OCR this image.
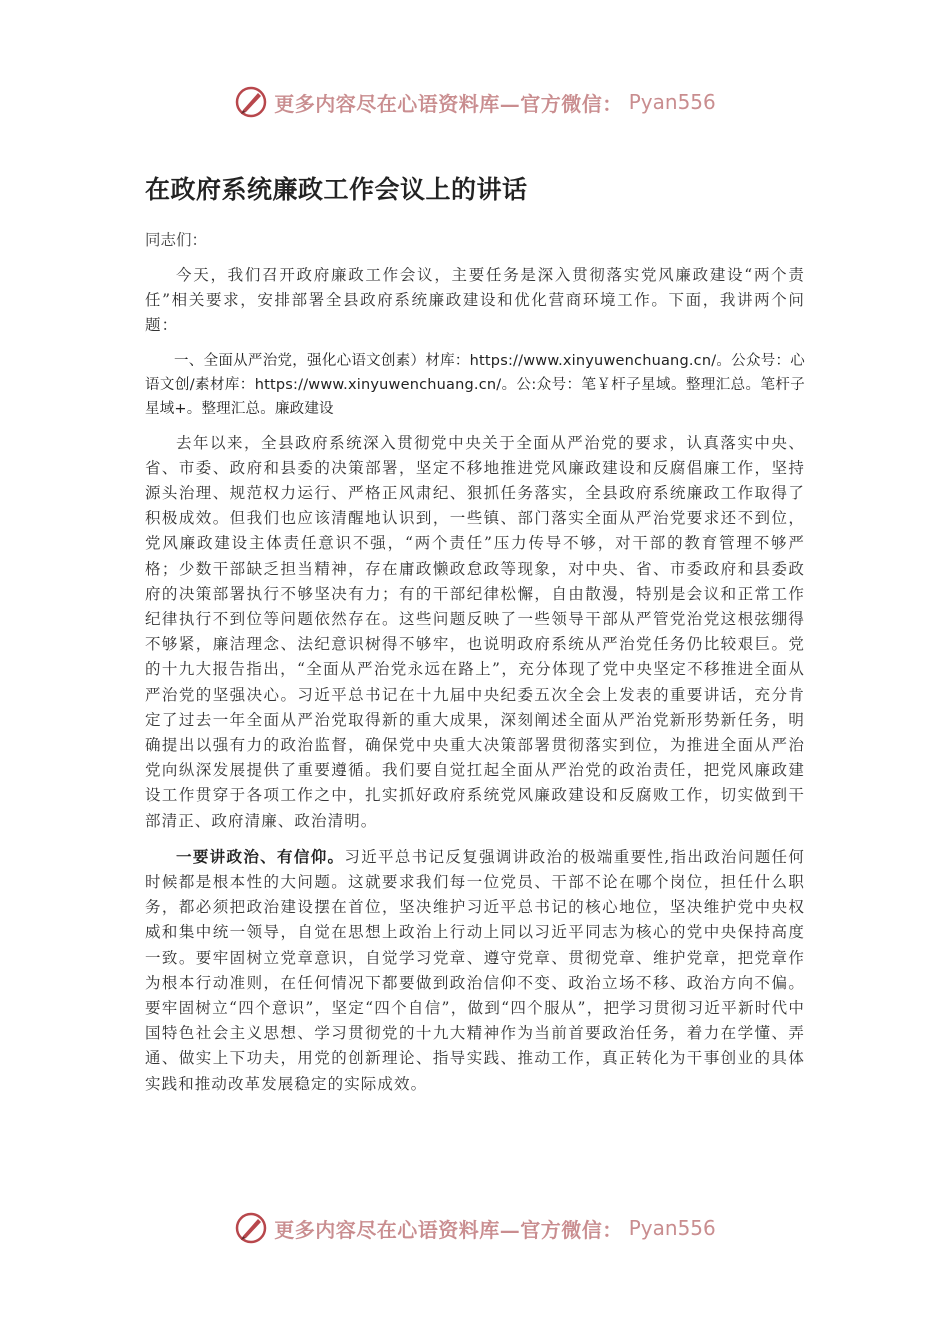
更多内容尽在心语资料库—官方微信： Pyan556
在政府系统廉政工作会议上的讲话

同志们：

今天，我们召开政府廉政工作会议，主要任务是深入贯彻落实党风廉政建设“两个责任”相关要求，安排部署全县政府系统廉政建设和优化营商环境工作。下面，我讲两个问题：

一、全面从严治党，强化心语文创素）材库：https://www.xinyuwenchuang.cn/。公众号：心语文创/素材库：https://www.xinyuwenchuang.cn/。公:众号：笔￥杆子星域。整理汇总。笔杆子星域+。整理汇总。廉政建设

去年以来，全县政府系统深入贯彻党中央关于全面从严治党的要求，认真落实中央、省、市委、政府和县委的决策部署，坚定不移地推进党风廉政建设和反腐倡廉工作，坚持源头治理、规范权力运行、严格正风肃纪、狠抓任务落实，全县政府系统廉政工作取得了积极成效。但我们也应该清醒地认识到，一些镇、部门落实全面从严治党要求还不到位，党风廉政建设主体责任意识不强，“两个责任”压力传导不够，对干部的教育管理不够严格；少数干部缺乏担当精神，存在庸政懒政怠政等现象，对中央、省、市委政府和县委政府的决策部署执行不够坚决有力；有的干部纪律松懈，自由散漫，特别是会议和正常工作纪律执行不到位等问题依然存在。这些问题反映了一些领导干部从严管党治党这根弦绷得不够紧，廉洁理念、法纪意识树得不够牢，也说明政府系统从严治党任务仍比较艰巨。党的十九大报告指出，“全面从严治党永远在路上”，充分体现了党中央坚定不移推进全面从严治党的坚强决心。习近平总书记在十九届中央纪委五次全会上发表的重要讲话，充分肯定了过去一年全面从严治党取得新的重大成果，深刻阐述全面从严治党新形势新任务，明确提出以强有力的政治监督，确保党中央重大决策部署贯彻落实到位，为推进全面从严治党向纵深发展提供了重要遵循。我们要自觉扛起全面从严治党的政治责任，把党风廉政建设工作贯穿于各项工作之中，扎实抓好政府系统党风廉政建设和反腐败工作，切实做到干部清正、政府清廉、政治清明。

一要讲政治、有信仰。习近平总书记反复强调讲政治的极端重要性,指出政治问题任何时候都是根本性的大问题。这就要求我们每一位党员、干部不论在哪个岗位，担任什么职务，都必须把政治建设摆在首位，坚决维护习近平总书记的核心地位，坚决维护党中央权威和集中统一领导，自觉在思想上政治上行动上同以习近平同志为核心的党中央保持高度一致。要牢固树立党章意识，自觉学习党章、遵守党章、贯彻党章、维护党章，把党章作为根本行动准则，在任何情况下都要做到政治信仰不变、政治立场不移、政治方向不偏。要牢固树立“四个意识”，坚定“四个自信”，做到“四个服从”，把学习贯彻习近平新时代中国特色社会主义思想、学习贯彻党的十九大精神作为当前首要政治任务，着力在学懂、弄通、做实上下功夫，用党的创新理论、指导实践、推动工作，真正转化为干事创业的具体实践和推动改革发展稳定的实际成效。

更多内容尽在心语资料库—官方微信： Pyan556
